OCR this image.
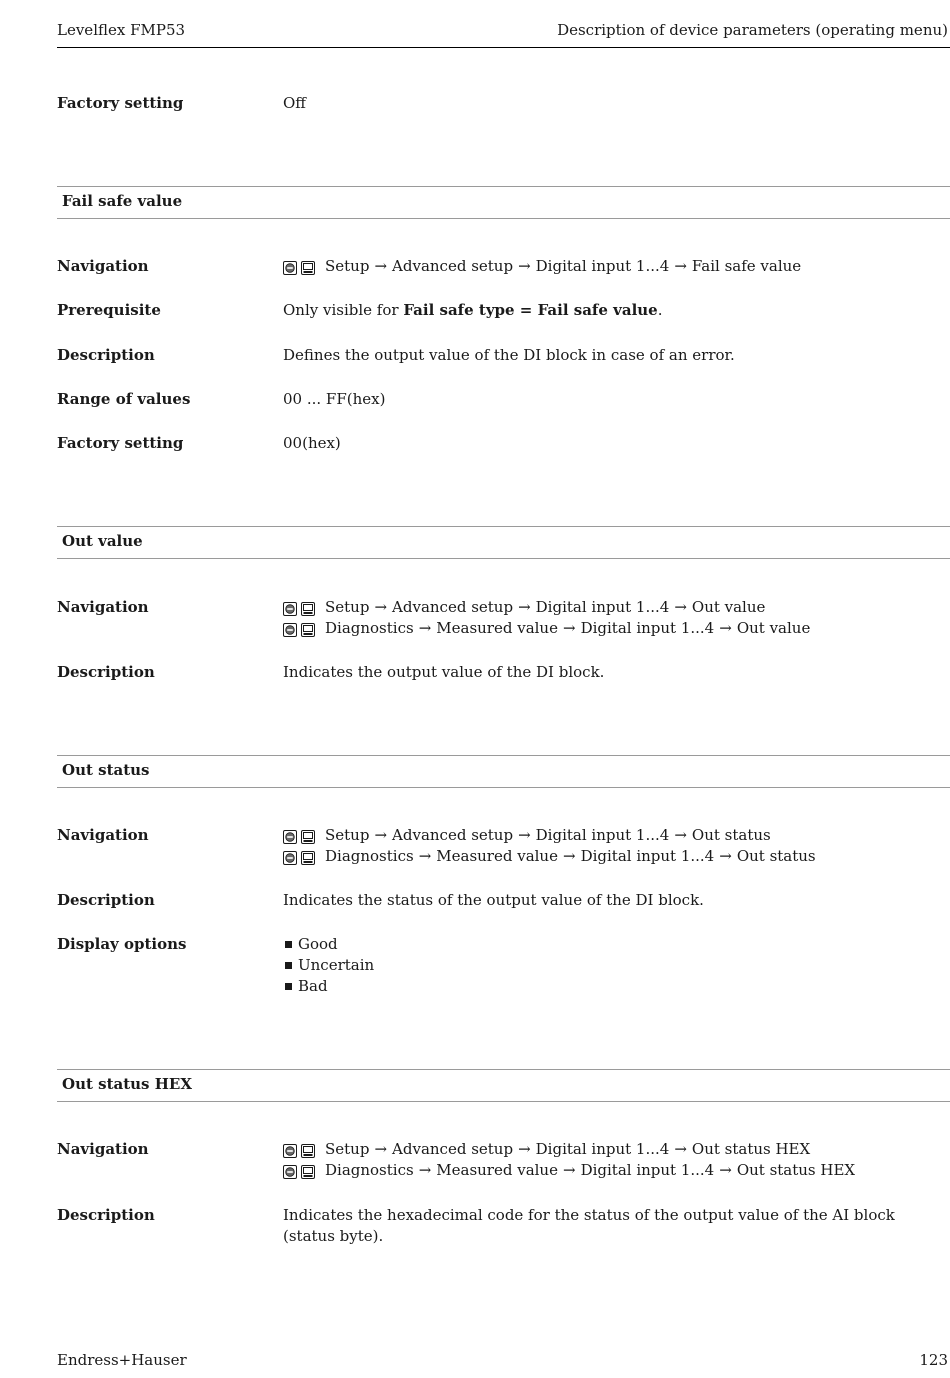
Levelflex FMP53	Description of device parameters (operating menu)
Factory setting	Off
Fail safe value
Navigation	Setup → Advanced setup → Digital input 1...4 → Fail safe value
Prerequisite	Only visible for Fail safe type = Fail safe value.
Description	Defines the output value of the DI block in case of an error.
Range of values	00 ... FF(hex)
Factory setting	00(hex)
Out value
Navigation	Setup → Advanced setup → Digital input 1...4 → Out value
Diagnostics → Measured value → Digital input 1...4 → Out value
Description	Indicates the output value of the DI block.
Out status
Navigation	Setup → Advanced setup → Digital input 1...4 → Out status
Diagnostics → Measured value → Digital input 1...4 → Out status
Description	Indicates the status of the output value of the DI block.
Display options	Good
Uncertain
Bad
Out status HEX
Navigation	Setup → Advanced setup → Digital input 1...4 → Out status HEX
Diagnostics → Measured value → Digital input 1...4 → Out status HEX
Description	Indicates the hexadecimal code for the status of the output value of the AI block (status byte).
Endress+Hauser	123
